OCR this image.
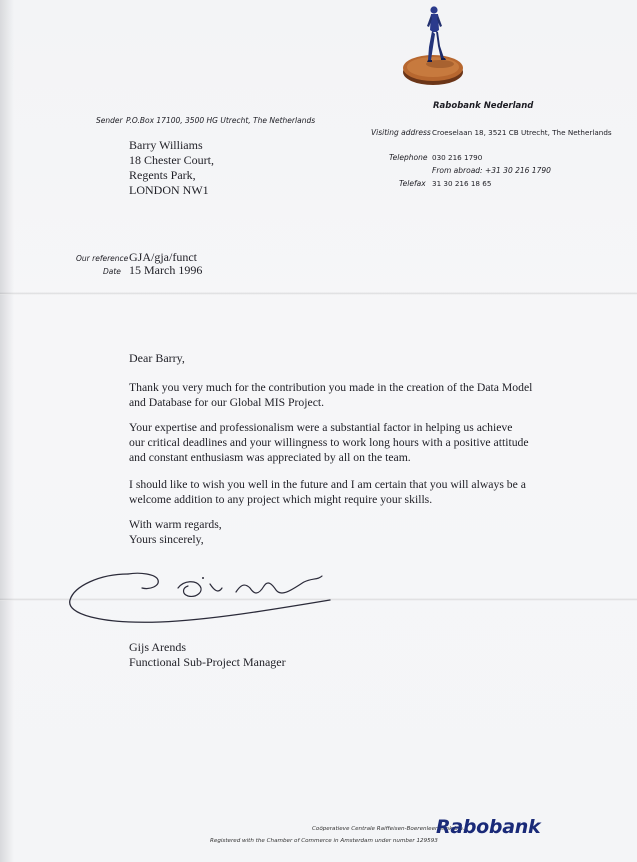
Rabobank Nederland
Sender P.O.Box 17100, 3500 HG Utrecht, The Netherlands
Visiting address Croeselaan 18, 3521 CB Utrecht, The Netherlands
Telephone 030 216 1790
From abroad: +31 30 216 1790
Telefax 31 30 216 18 65
Barry Williams
18 Chester Court,
Regents Park,
LONDON NW1
Our reference GJA/gja/funct
Date 15 March 1996
Dear Barry,
Thank you very much for the contribution you made in the creation of the Data Model
and Database for our Global MIS Project.
Your expertise and professionalism were a substantial factor in helping us achieve
our critical deadlines and your willingness to work long hours with a positive attitude
and constant enthusiasm was appreciated by all on the team.
I should like to wish you well in the future and I am certain that you will always be a
welcome addition to any project which might require your skills.
With warm regards,
Yours sincerely,
Gijs Arends
Functional Sub-Project Manager
Coöperatieve Centrale Raiffeisen-Boerenleenbank b.a.
Registered with the Chamber of Commerce in Amsterdam under number 129593
Rabobank
